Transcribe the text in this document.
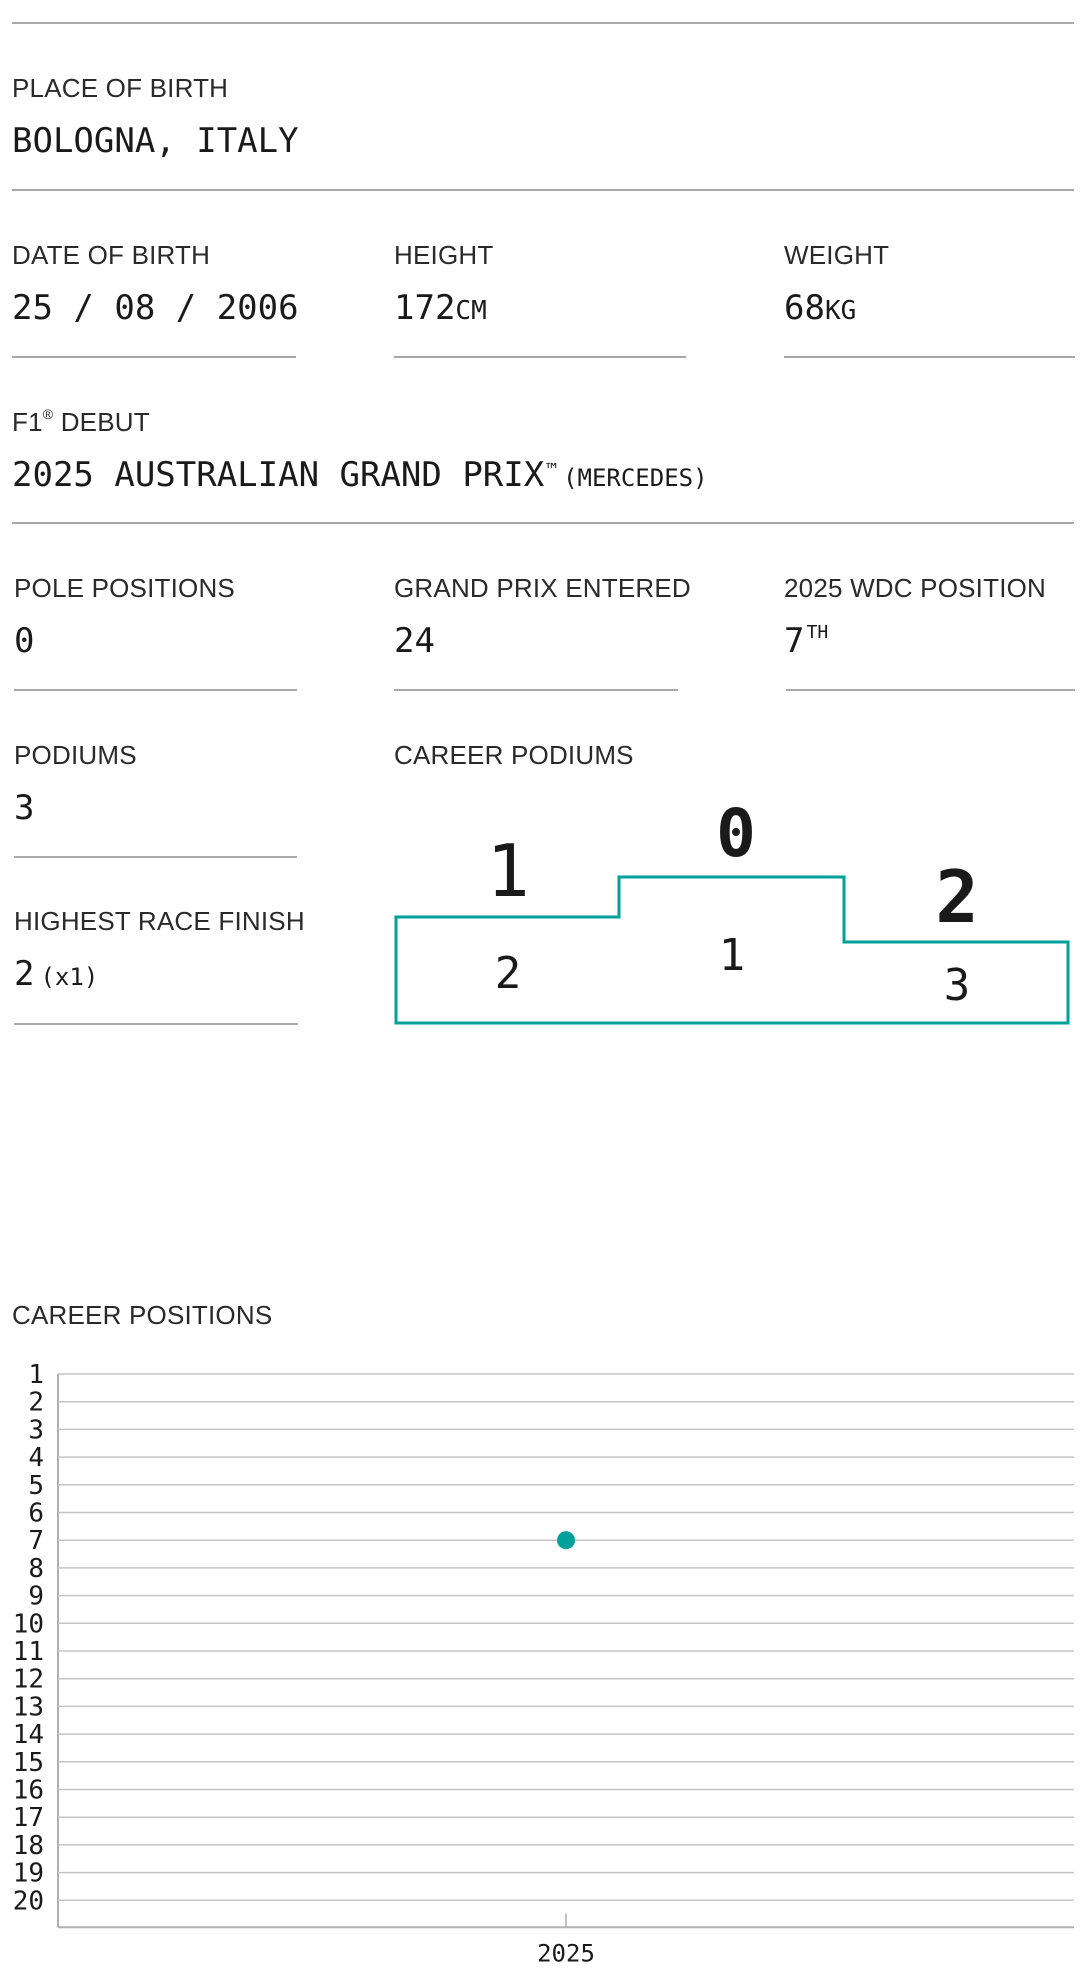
PLACE OF BIRTH
BOLOGNA, ITALY
DATE OF BIRTH
25 / 08 / 2006
HEIGHT
172CM
WEIGHT
68KG
F1® DEBUT
2025 AUSTRALIAN GRAND PRIX ™ (MERCEDES)
POLE POSITIONS
0
GRAND PRIX ENTERED
24
2025 WDC POSITION
7 $^{TH}$
PODIUMS
3
HIGHEST RACE FINISH
2 (x1)
CAREER PODIUMS
1	0
2
2	1
3
CAREER POSITIONS
1
2
3
4
5
6
7
8
9
10
11
12
13
14
15
16
17
18
19
20
2025
